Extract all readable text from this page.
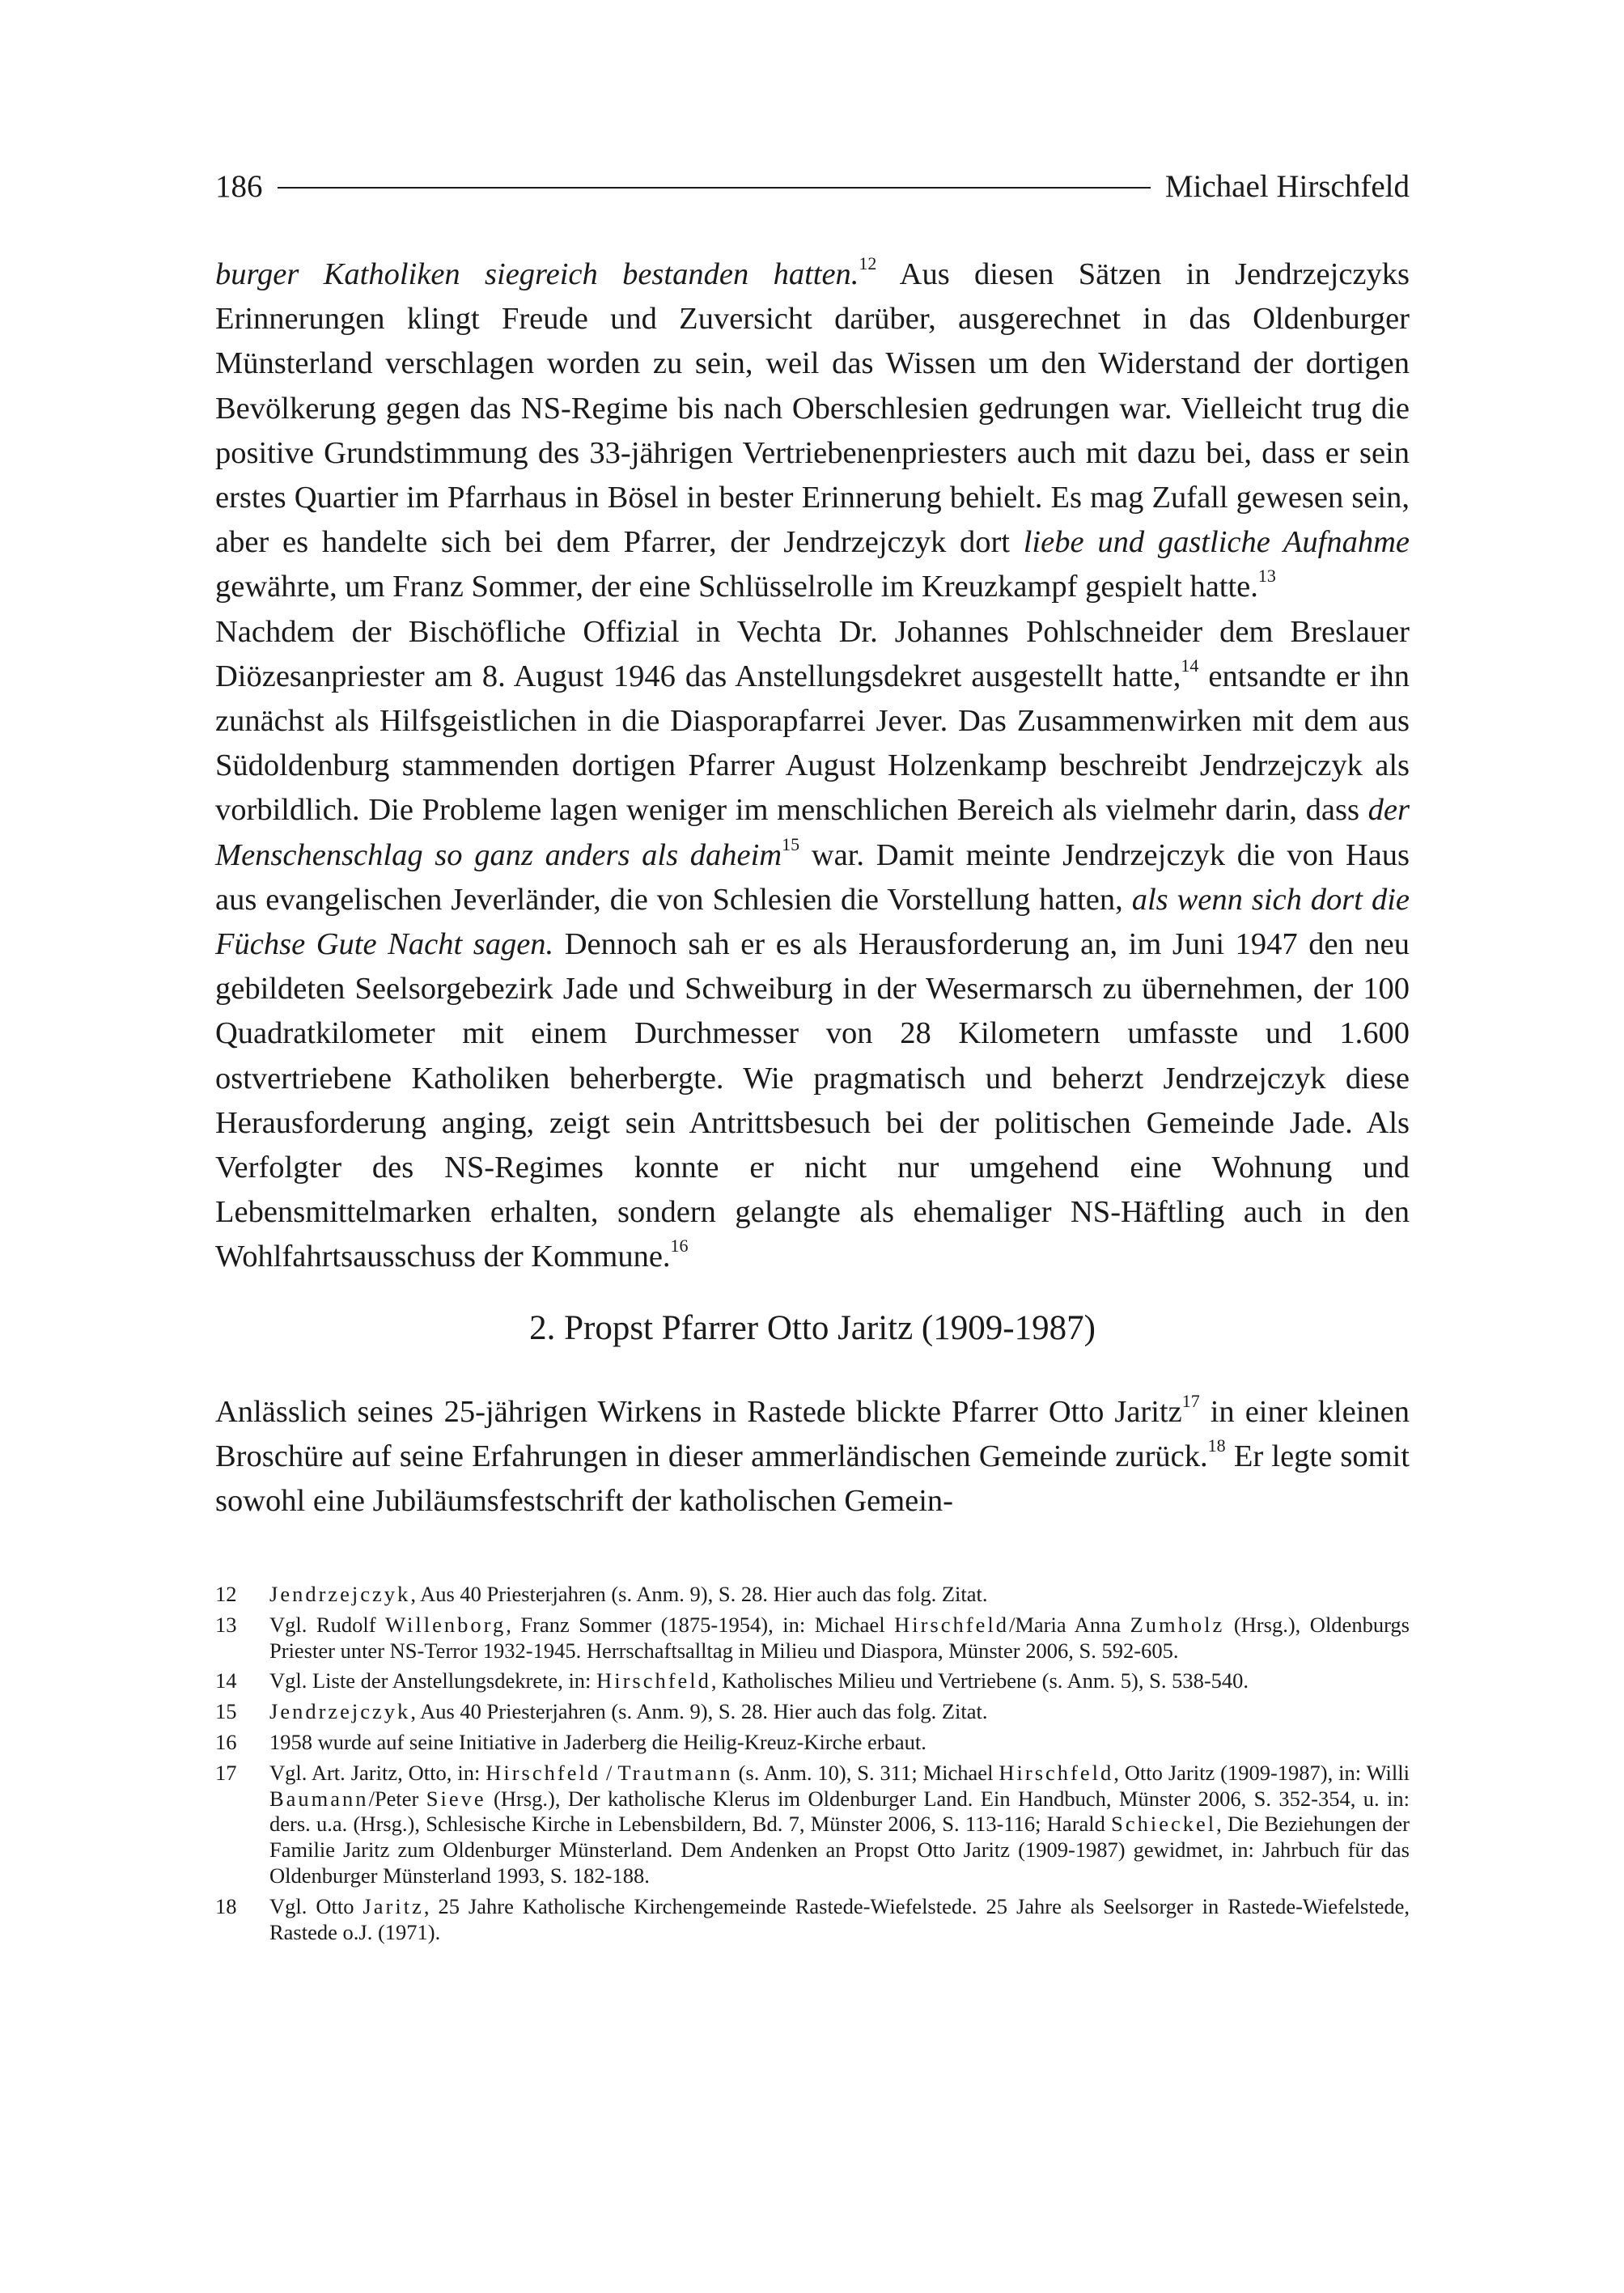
186	Michael Hirschfeld

burger Katholiken siegreich bestanden hatten.$^{12}$ Aus diesen Sätzen in Jendrzejczyks Erinnerungen klingt Freude und Zuversicht darüber, ausgerechnet in das Oldenburger Münsterland verschlagen worden zu sein, weil das Wissen um den Widerstand der dortigen Bevölkerung gegen das NS-Regime bis nach Oberschlesien gedrungen war. Vielleicht trug die positive Grundstimmung des 33-jährigen Vertriebenenpriesters auch mit dazu bei, dass er sein erstes Quartier im Pfarrhaus in Bösel in bester Erinnerung behielt. Es mag Zufall gewesen sein, aber es handelte sich bei dem Pfarrer, der Jendrzejczyk dort liebe und gastliche Aufnahme gewährte, um Franz Sommer, der eine Schlüsselrolle im Kreuzkampf gespielt hatte.$^{13}$

Nachdem der Bischöfliche Offizial in Vechta Dr. Johannes Pohlschneider dem Breslauer Diözesanpriester am 8. August 1946 das Anstellungsdekret ausgestellt hatte,$^{14}$ entsandte er ihn zunächst als Hilfsgeistlichen in die Diasporapfarrei Jever. Das Zusammenwirken mit dem aus Südoldenburg stammenden dortigen Pfarrer August Holzenkamp beschreibt Jendrzejczyk als vorbildlich. Die Probleme lagen weniger im menschlichen Bereich als vielmehr darin, dass der Menschenschlag so ganz anders als daheim$^{15}$ war. Damit meinte Jendrzejczyk die von Haus aus evangelischen Jeverländer, die von Schlesien die Vorstellung hatten, als wenn sich dort die Füchse Gute Nacht sagen. Dennoch sah er es als Herausforderung an, im Juni 1947 den neu gebildeten Seelsorgebezirk Jade und Schweiburg in der Wesermarsch zu übernehmen, der 100 Quadratkilometer mit einem Durchmesser von 28 Kilometern umfasste und 1.600 ostvertriebene Katholiken beherbergte. Wie pragmatisch und beherzt Jendrzejczyk diese Herausforderung anging, zeigt sein Antrittsbesuch bei der politischen Gemeinde Jade. Als Verfolgter des NS-Regimes konnte er nicht nur umgehend eine Wohnung und Lebensmittelmarken erhalten, sondern gelangte als ehemaliger NS-Häftling auch in den Wohlfahrtsausschuss der Kommune.$^{16}$

2. Propst Pfarrer Otto Jaritz (1909-1987)

Anlässlich seines 25-jährigen Wirkens in Rastede blickte Pfarrer Otto Jaritz$^{17}$ in einer kleinen Broschüre auf seine Erfahrungen in dieser ammerländischen Gemeinde zurück.$^{18}$ Er legte somit sowohl eine Jubiläumsfestschrift der katholischen Gemein-

12	Jendrzejczyk, Aus 40 Priesterjahren (s. Anm. 9), S. 28. Hier auch das folg. Zitat.
13	Vgl. Rudolf Willenborg, Franz Sommer (1875-1954), in: Michael Hirschfeld/Maria Anna Zumholz (Hrsg.), Oldenburgs Priester unter NS-Terror 1932-1945. Herrschaftsalltag in Milieu und Diaspora, Münster 2006, S. 592-605.
14	Vgl. Liste der Anstellungsdekrete, in: Hirschfeld, Katholisches Milieu und Vertriebene (s. Anm. 5), S. 538-540.
15	Jendrzejczyk, Aus 40 Priesterjahren (s. Anm. 9), S. 28. Hier auch das folg. Zitat.
16	1958 wurde auf seine Initiative in Jaderberg die Heilig-Kreuz-Kirche erbaut.
17	Vgl. Art. Jaritz, Otto, in: Hirschfeld / Trautmann (s. Anm. 10), S. 311; Michael Hirschfeld, Otto Jaritz (1909-1987), in: Willi Baumann/Peter Sieve (Hrsg.), Der katholische Klerus im Oldenburger Land. Ein Handbuch, Münster 2006, S. 352-354, u. in: ders. u.a. (Hrsg.), Schlesische Kirche in Lebensbildern, Bd. 7, Münster 2006, S. 113-116; Harald Schieckel, Die Beziehungen der Familie Jaritz zum Oldenburger Münsterland. Dem Andenken an Propst Otto Jaritz (1909-1987) gewidmet, in: Jahrbuch für das Oldenburger Münsterland 1993, S. 182-188.
18	Vgl. Otto Jaritz, 25 Jahre Katholische Kirchengemeinde Rastede-Wiefelstede. 25 Jahre als Seelsorger in Rastede-Wiefelstede, Rastede o.J. (1971).
